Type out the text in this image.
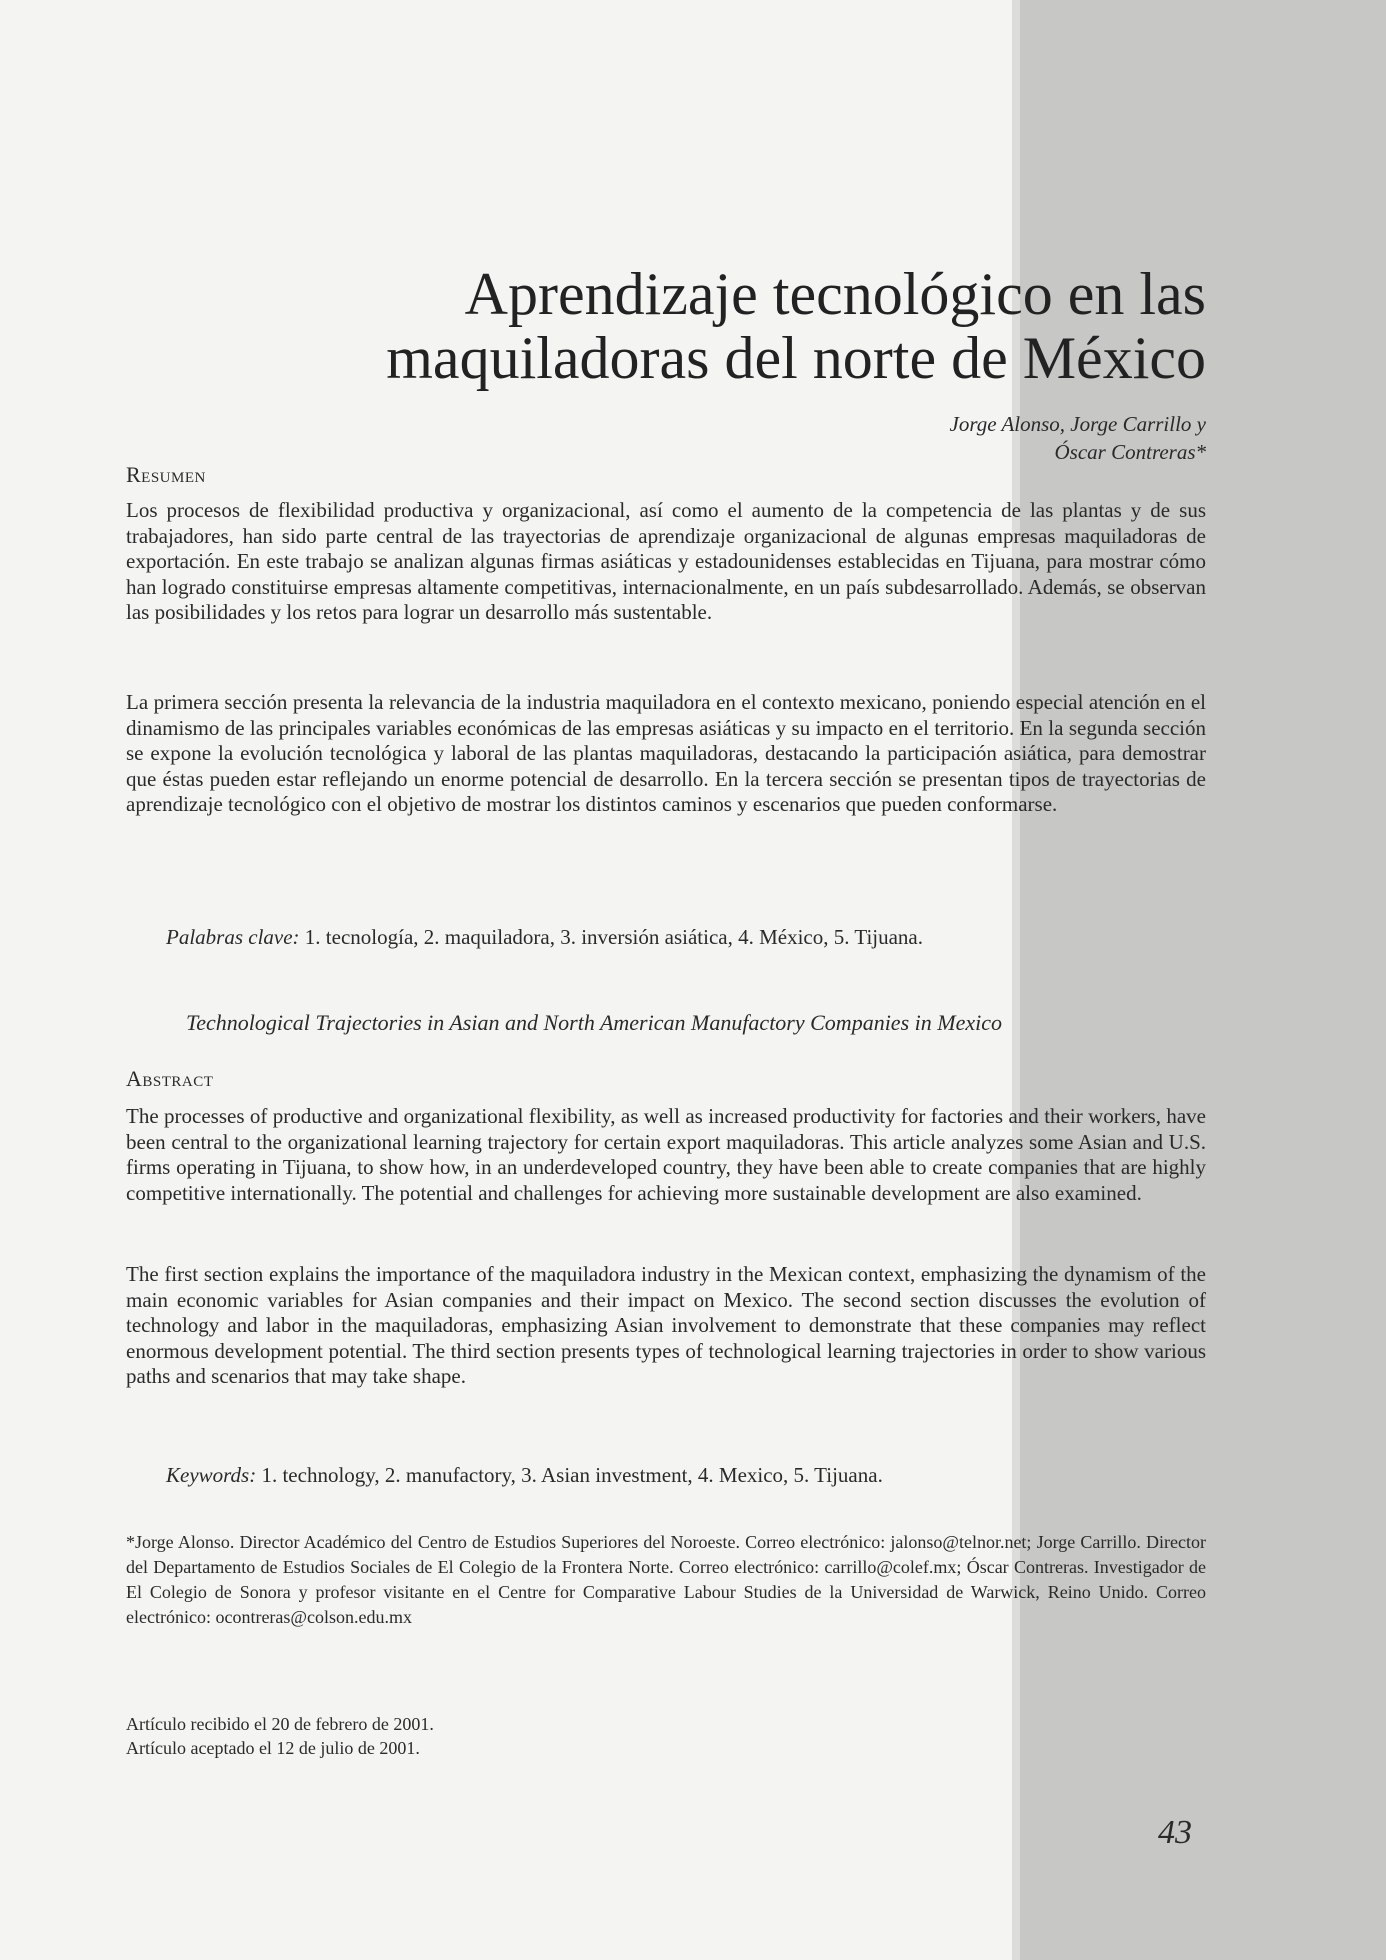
Aprendizaje tecnológico en las
maquiladoras del norte de México
Jorge Alonso, Jorge Carrillo y
Óscar Contreras*
Resumen

Los procesos de flexibilidad productiva y organizacional, así como el aumento de la competencia de las plantas y de sus trabajadores, han sido parte central de las trayectorias de aprendizaje organizacional de algunas empresas maquiladoras de exportación. En este trabajo se analizan algunas firmas asiáticas y estadounidenses establecidas en Tijuana, para mostrar cómo han logrado constituirse empresas altamente competitivas, internacionalmente, en un país subdesarrollado. Además, se observan las posibilidades y los retos para lograr un desarrollo más sustentable.

La primera sección presenta la relevancia de la industria maquiladora en el contexto mexicano, poniendo especial atención en el dinamismo de las principales variables económicas de las empresas asiáticas y su impacto en el territorio. En la segunda sección se expone la evolución tecnológica y laboral de las plantas maquiladoras, destacando la participación asiática, para demostrar que éstas pueden estar reflejando un enorme potencial de desarrollo. En la tercera sección se presentan tipos de trayectorias de aprendizaje tecnológico con el objetivo de mostrar los distintos caminos y escenarios que pueden conformarse.

Palabras clave: 1. tecnología, 2. maquiladora, 3. inversión asiática, 4. México, 5. Tijuana.
Technological Trajectories in Asian and North American Manufactory Companies in Mexico
Abstract

The processes of productive and organizational flexibility, as well as increased productivity for factories and their workers, have been central to the organizational learning trajectory for certain export maquiladoras. This article analyzes some Asian and U.S. firms operating in Tijuana, to show how, in an underdeveloped country, they have been able to create companies that are highly competitive internationally. The potential and challenges for achieving more sustainable development are also examined.

The first section explains the importance of the maquiladora industry in the Mexican context, emphasizing the dynamism of the main economic variables for Asian companies and their impact on Mexico. The second section discusses the evolution of technology and labor in the maquiladoras, emphasizing Asian involvement to demonstrate that these companies may reflect enormous development potential. The third section presents types of technological learning trajectories in order to show various paths and scenarios that may take shape.

Keywords: 1. technology, 2. manufactory, 3. Asian investment, 4. Mexico, 5. Tijuana.

*Jorge Alonso. Director Académico del Centro de Estudios Superiores del Noroeste. Correo electrónico: jalonso@telnor.net; Jorge Carrillo. Director del Departamento de Estudios Sociales de El Colegio de la Frontera Norte. Correo electrónico: carrillo@colef.mx; Óscar Contreras. Investigador de El Colegio de Sonora y profesor visitante en el Centre for Comparative Labour Studies de la Universidad de Warwick, Reino Unido. Correo electrónico: ocontreras@colson.edu.mx

Artículo recibido el 20 de febrero de 2001.
Artículo aceptado el 12 de julio de 2001.
43
